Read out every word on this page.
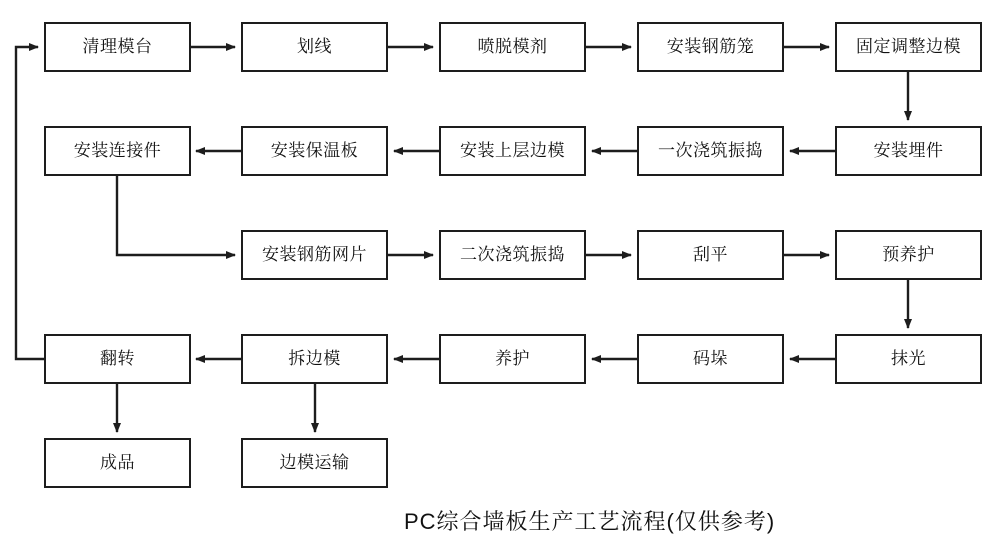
清理模台	划线	喷脱模剂	安装钢筋笼	固定调整边模
安装埋件
一次浇筑振捣
安装上层边模
安装保温板
安装连接件
安装钢筋网片	二次浇筑振捣	刮平	预养护
抹光
码垛
养护
拆边模
翻转
成品	边模运输
PC综合墙板生产工艺流程(仅供参考)
